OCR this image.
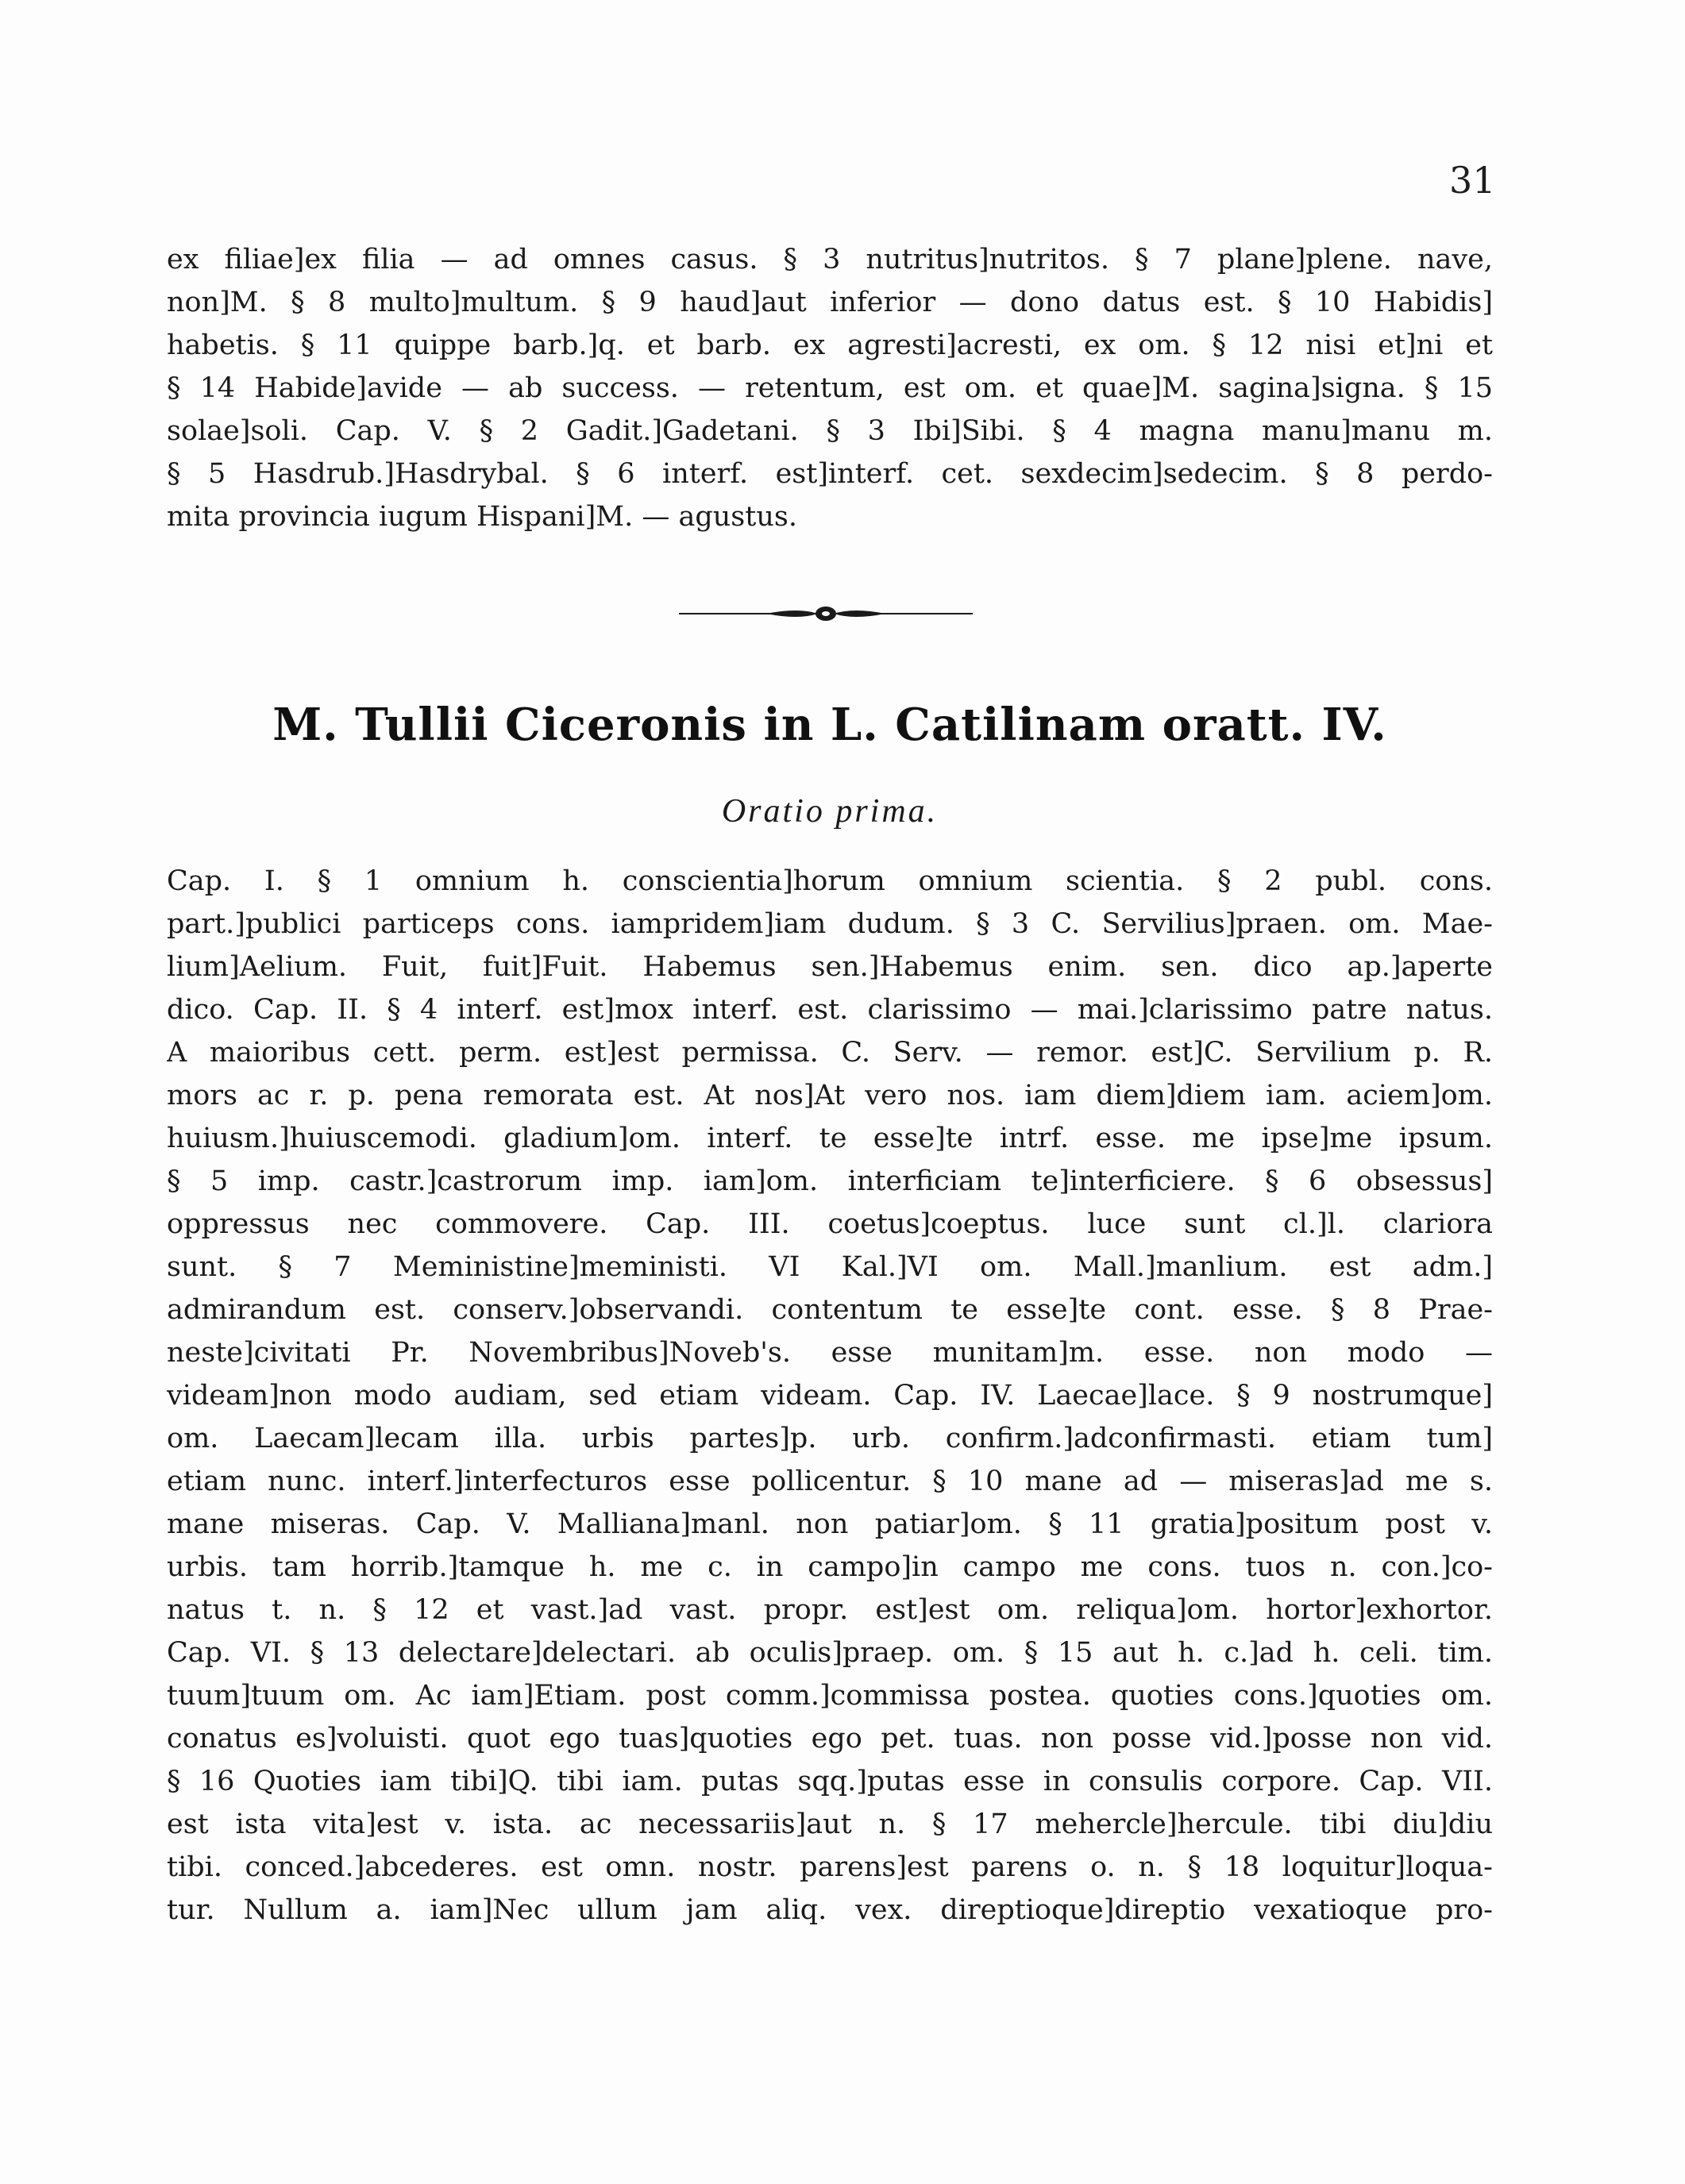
31
ex filiae]ex filia — ad omnes casus. § 3 nutritus]nutritos. § 7 plane]plene. nave,
non]M. § 8 multo]multum. § 9 haud]aut inferior — dono datus est. § 10 Habidis]
habetis. § 11 quippe barb.]q. et barb. ex agresti]acresti, ex om. § 12 nisi et]ni et
§ 14 Habide]avide — ab success. — retentum, est om. et quae]M. sagina]signa. § 15
solae]soli. Cap. V. § 2 Gadit.]Gadetani. § 3 Ibi]Sibi. § 4 magna manu]manu m.
§ 5 Hasdrub.]Hasdrybal. § 6 interf. est]interf. cet. sexdecim]sedecim. § 8 perdo-
mita provincia iugum Hispani]M. — agustus.
M. Tullii Ciceronis in L. Catilinam oratt. IV.
Oratio prima.
Cap. I. § 1 omnium h. conscientia]horum omnium scientia. § 2 publ. cons.
part.]publici particeps cons. iampridem]iam dudum. § 3 C. Servilius]praen. om. Mae-
lium]Aelium. Fuit, fuit]Fuit. Habemus sen.]Habemus enim. sen. dico ap.]aperte
dico. Cap. II. § 4 interf. est]mox interf. est. clarissimo — mai.]clarissimo patre natus.
A maioribus cett. perm. est]est permissa. C. Serv. — remor. est]C. Servilium p. R.
mors ac r. p. pena remorata est. At nos]At vero nos. iam diem]diem iam. aciem]om.
huiusm.]huiuscemodi. gladium]om. interf. te esse]te intrf. esse. me ipse]me ipsum.
§ 5 imp. castr.]castrorum imp. iam]om. interficiam te]interficiere. § 6 obsessus]
oppressus nec commovere. Cap. III. coetus]coeptus. luce sunt cl.]l. clariora
sunt. § 7 Meministine]meministi. VI Kal.]VI om. Mall.]manlium. est adm.]
admirandum est. conserv.]observandi. contentum te esse]te cont. esse. § 8 Prae-
neste]civitati Pr. Novembribus]Noveb's. esse munitam]m. esse. non modo —
videam]non modo audiam, sed etiam videam. Cap. IV. Laecae]lace. § 9 nostrumque]
om. Laecam]lecam illa. urbis partes]p. urb. confirm.]adconfirmasti. etiam tum]
etiam nunc. interf.]interfecturos esse pollicentur. § 10 mane ad — miseras]ad me s.
mane miseras. Cap. V. Malliana]manl. non patiar]om. § 11 gratia]positum post v.
urbis. tam horrib.]tamque h. me c. in campo]in campo me cons. tuos n. con.]co-
natus t. n. § 12 et vast.]ad vast. propr. est]est om. reliqua]om. hortor]exhortor.
Cap. VI. § 13 delectare]delectari. ab oculis]praep. om. § 15 aut h. c.]ad h. celi. tim.
tuum]tuum om. Ac iam]Etiam. post comm.]commissa postea. quoties cons.]quoties om.
conatus es]voluisti. quot ego tuas]quoties ego pet. tuas. non posse vid.]posse non vid.
§ 16 Quoties iam tibi]Q. tibi iam. putas sqq.]putas esse in consulis corpore. Cap. VII.
est ista vita]est v. ista. ac necessariis]aut n. § 17 mehercle]hercule. tibi diu]diu
tibi. conced.]abcederes. est omn. nostr. parens]est parens o. n. § 18 loquitur]loqua-
tur. Nullum a. iam]Nec ullum jam aliq. vex. direptioque]direptio vexatioque pro-
